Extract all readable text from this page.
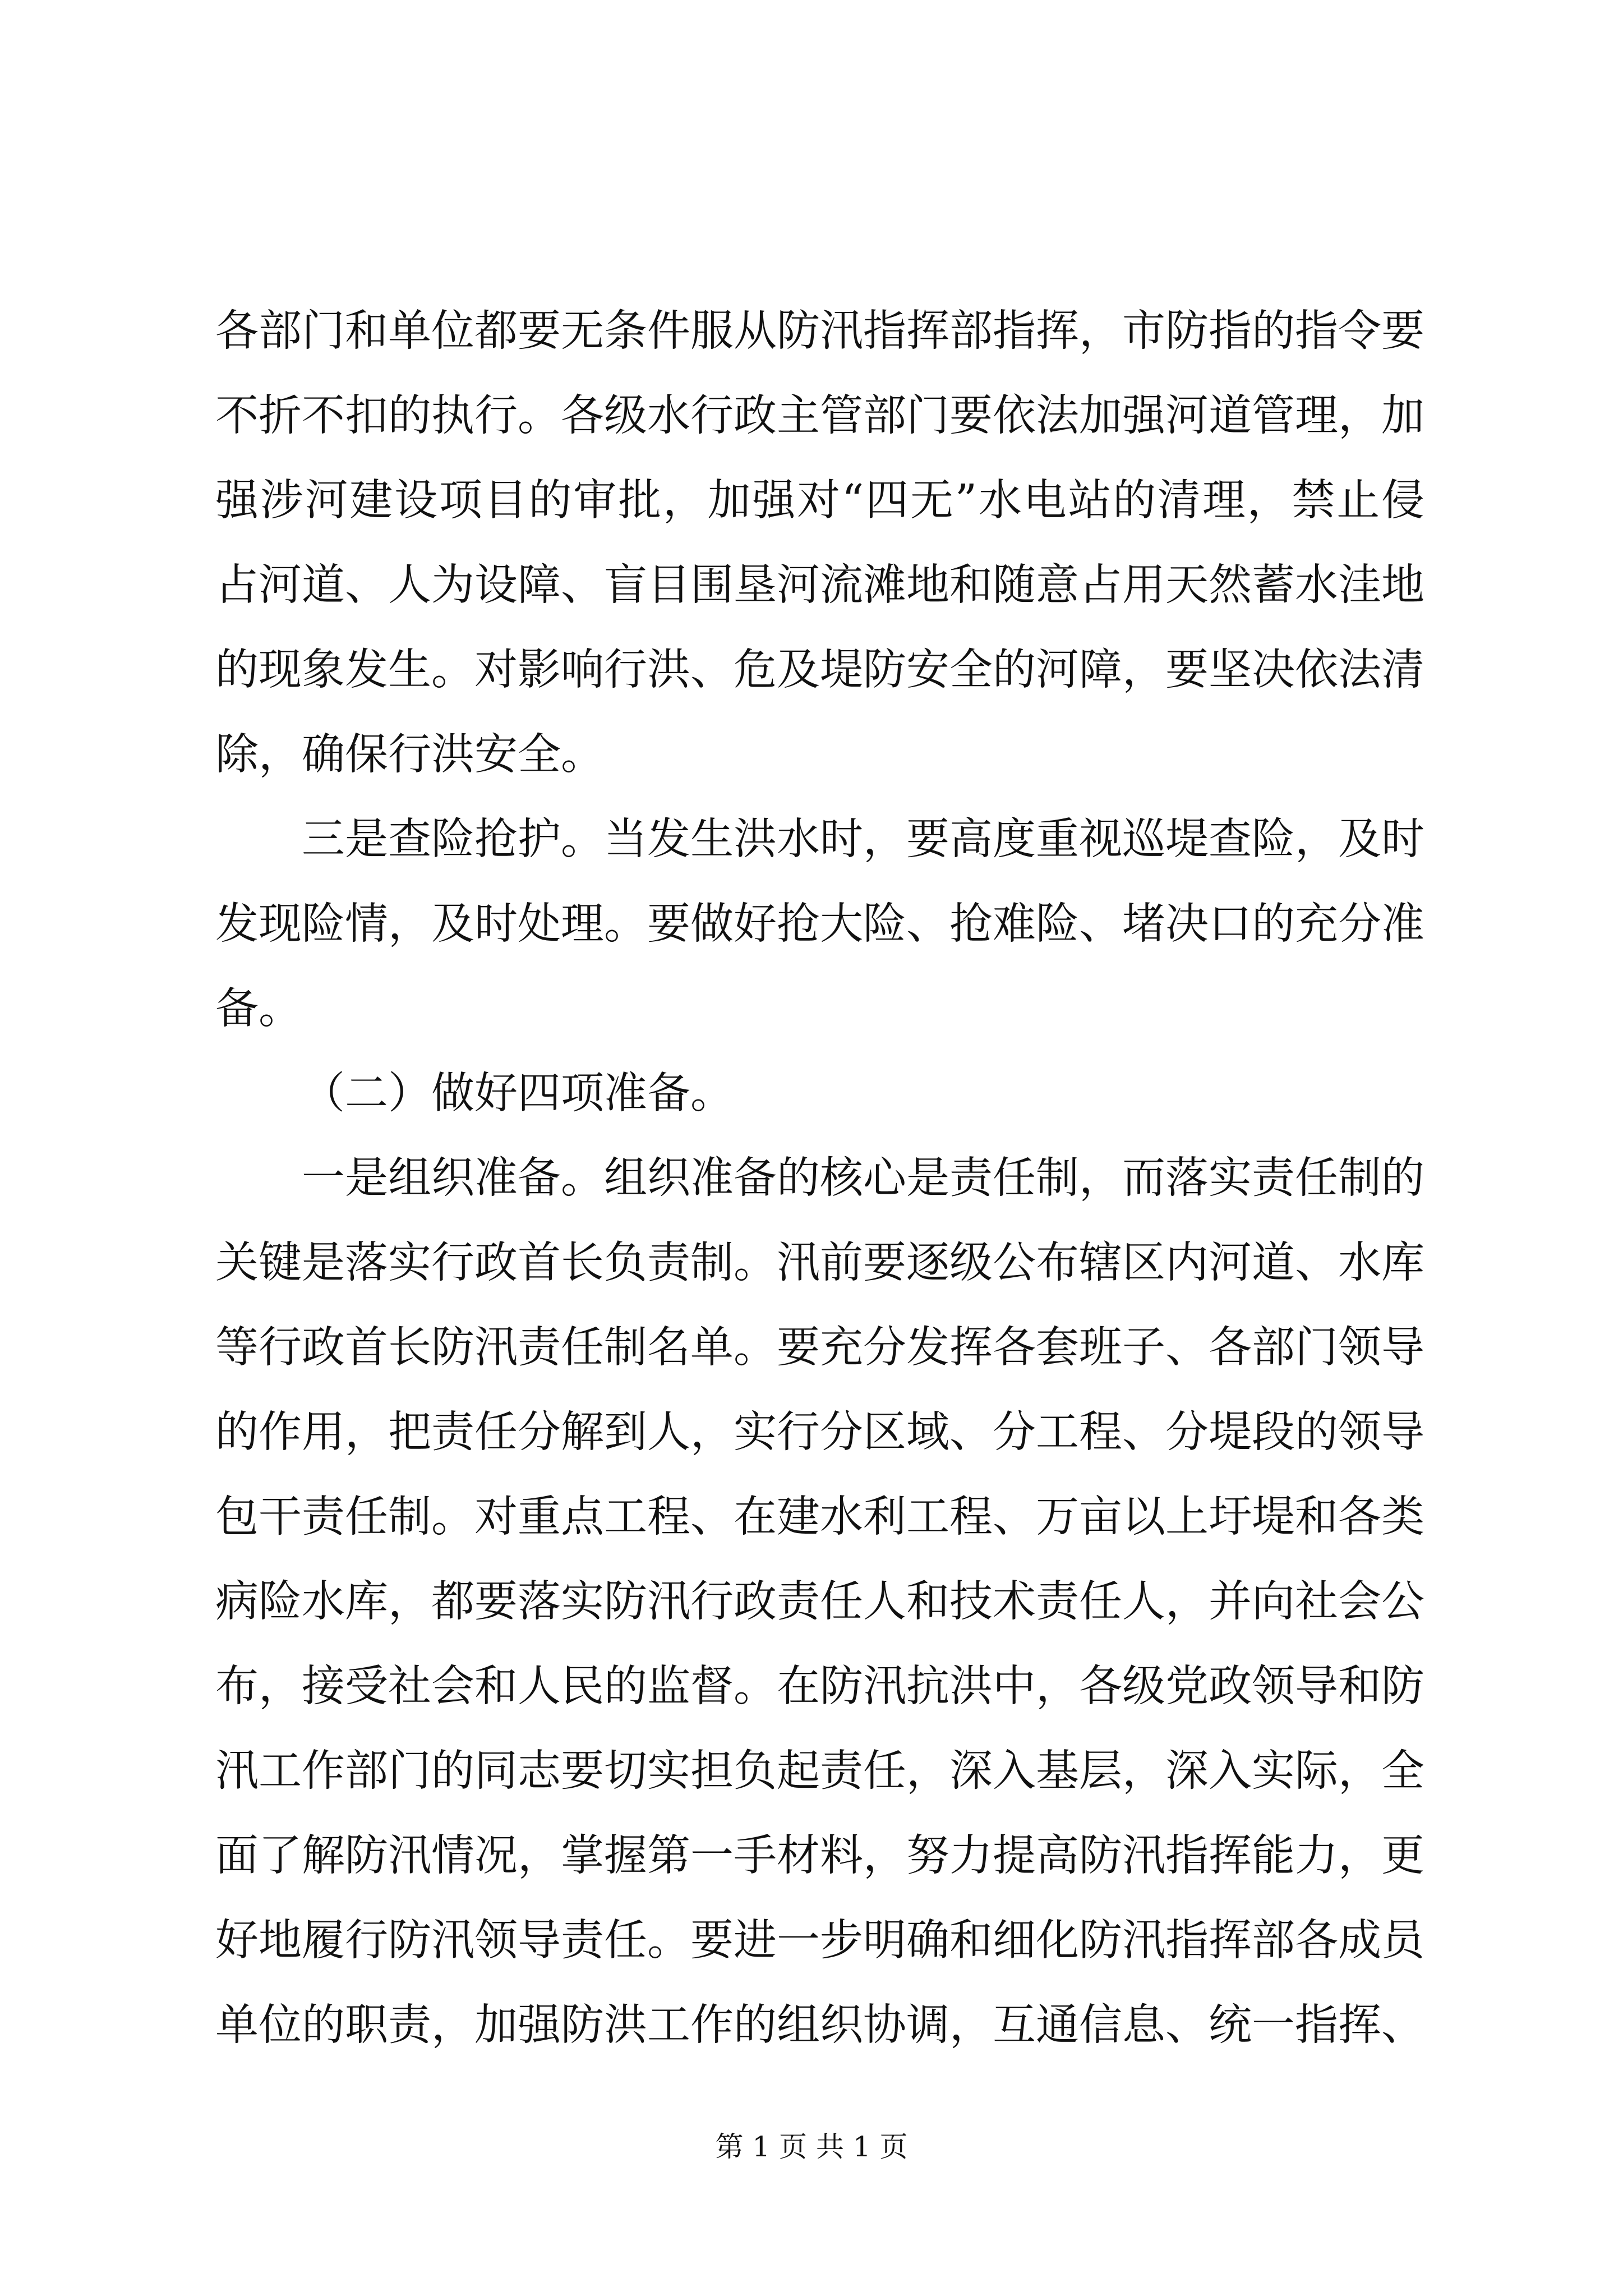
各部门和单位都要无条件服从防汛指挥部指挥，市防指的指令要不折不扣的执行。各级水行政主管部门要依法加强河道管理，加强涉河建设项目的审批，加强对“四无”水电站的清理，禁止侵占河道、人为设障、盲目围垦河流滩地和随意占用天然蓄水洼地的现象发生。对影响行洪、危及堤防安全的河障，要坚决依法清除，确保行洪安全。

三是查险抢护。当发生洪水时，要高度重视巡堤查险，及时发现险情，及时处理。要做好抢大险、抢难险、堵决口的充分准备。

（二）做好四项准备。

一是组织准备。组织准备的核心是责任制，而落实责任制的关键是落实行政首长负责制。汛前要逐级公布辖区内河道、水库等行政首长防汛责任制名单。要充分发挥各套班子、各部门领导的作用，把责任分解到人，实行分区域、分工程、分堤段的领导包干责任制。对重点工程、在建水利工程、万亩以上圩堤和各类病险水库，都要落实防汛行政责任人和技术责任人，并向社会公布，接受社会和人民的监督。在防汛抗洪中，各级党政领导和防汛工作部门的同志要切实担负起责任，深入基层，深入实际，全面了解防汛情况，掌握第一手材料，努力提高防汛指挥能力，更好地履行防汛领导责任。要进一步明确和细化防汛指挥部各成员单位的职责，加强防洪工作的组织协调，互通信息、统一指挥、

第 1 页 共 1 页
